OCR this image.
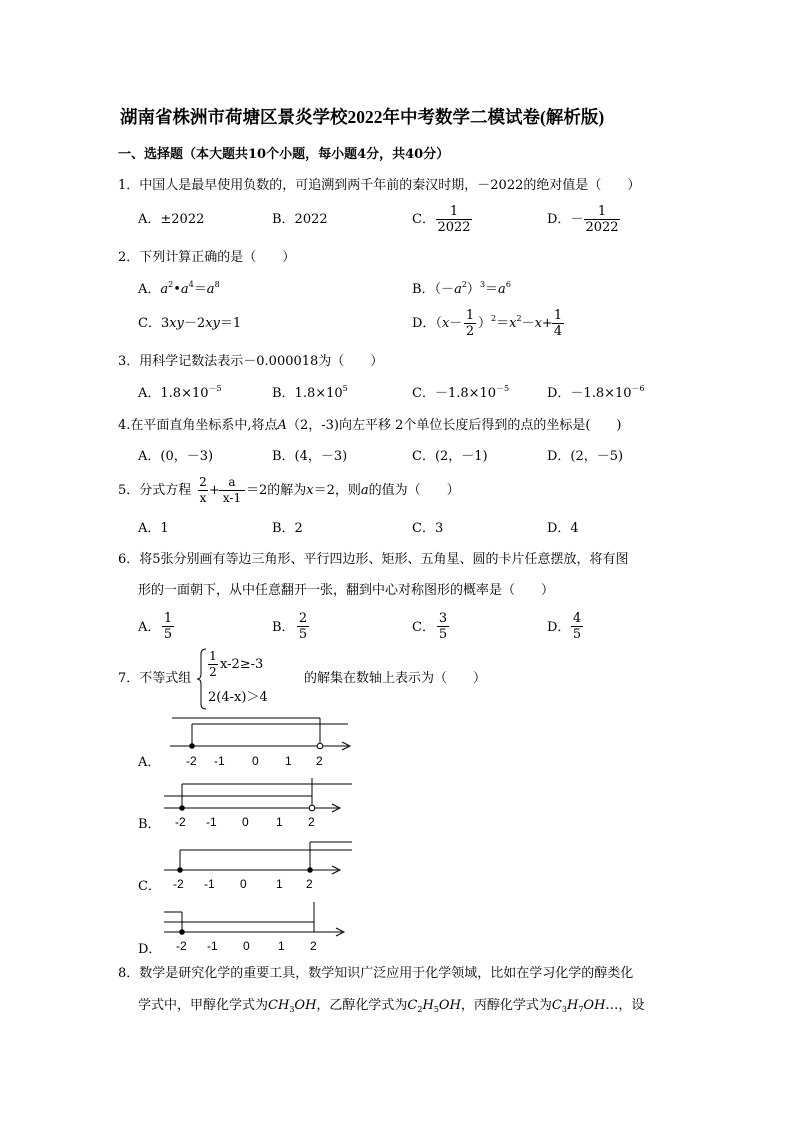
湖南省株洲市荷塘区景炎学校2022年中考数学二模试卷(解析版)
一、选择题（本大题共10个小题，每小题4分，共40分）
1．中国人是最早使用负数的，可追溯到两千年前的秦汉时期，－2022的绝对值是（　　）
A．±2022	B．2022	C．
1
2022
D．－
1
2022
2．下列计算正确的是（　　）
A．$a^2•a^4=a^8$	B．$(-a^2)^3=a^6$
C．3xy－2xy＝1	D．（x－
1
2
）$^2=x^2-x+$
1
4
3．用科学记数法表示－0.000018为（　　）
A．$1.8\times 10^{-5}$	B．$1.8\times 10^5$	C．$-1.8\times 10^{-5}$	D．$-1.8\times 10^{-6}$
4.在平面直角坐标系中,将点A（2，-3)向左平移 2个单位长度后得到的点的坐标是(　　)
A．(0，－3)	B．(4，－3)	C．(2，－1)	D．(2，－5)
5．分式方程
2
x +
a
x-1 ＝2的解为x＝2，则a的值为（　　）
A．1	B．2	C．3	D．4
6．将5张分别画有等边三角形、平行四边形、矩形、五角星、圆的卡片任意摆放，将有图
形的一面朝下，从中任意翻开一张，翻到中心对称图形的概率是（　　）
A．
1
5	B．
2
5	C．
3
5	D．
4
5
7．不等式组
1
2 x-2≥-3
2(4-x)＞4
的解集在数轴上表示为（　　）
-2 -1 0 1 2
A．
-2 -1 0 1 2
B．
-2 -1 0 1 2
C．
-2 -1 0 1 2
D．
8．数学是研究化学的重要工具，数学知识广泛应用于化学领域，比如在学习化学的醇类化
学式中，甲醇化学式为$CH_3OH$，乙醇化学式为$C_2H_5OH$，丙醇化学式为$C_3H_7OH\dots$，设
